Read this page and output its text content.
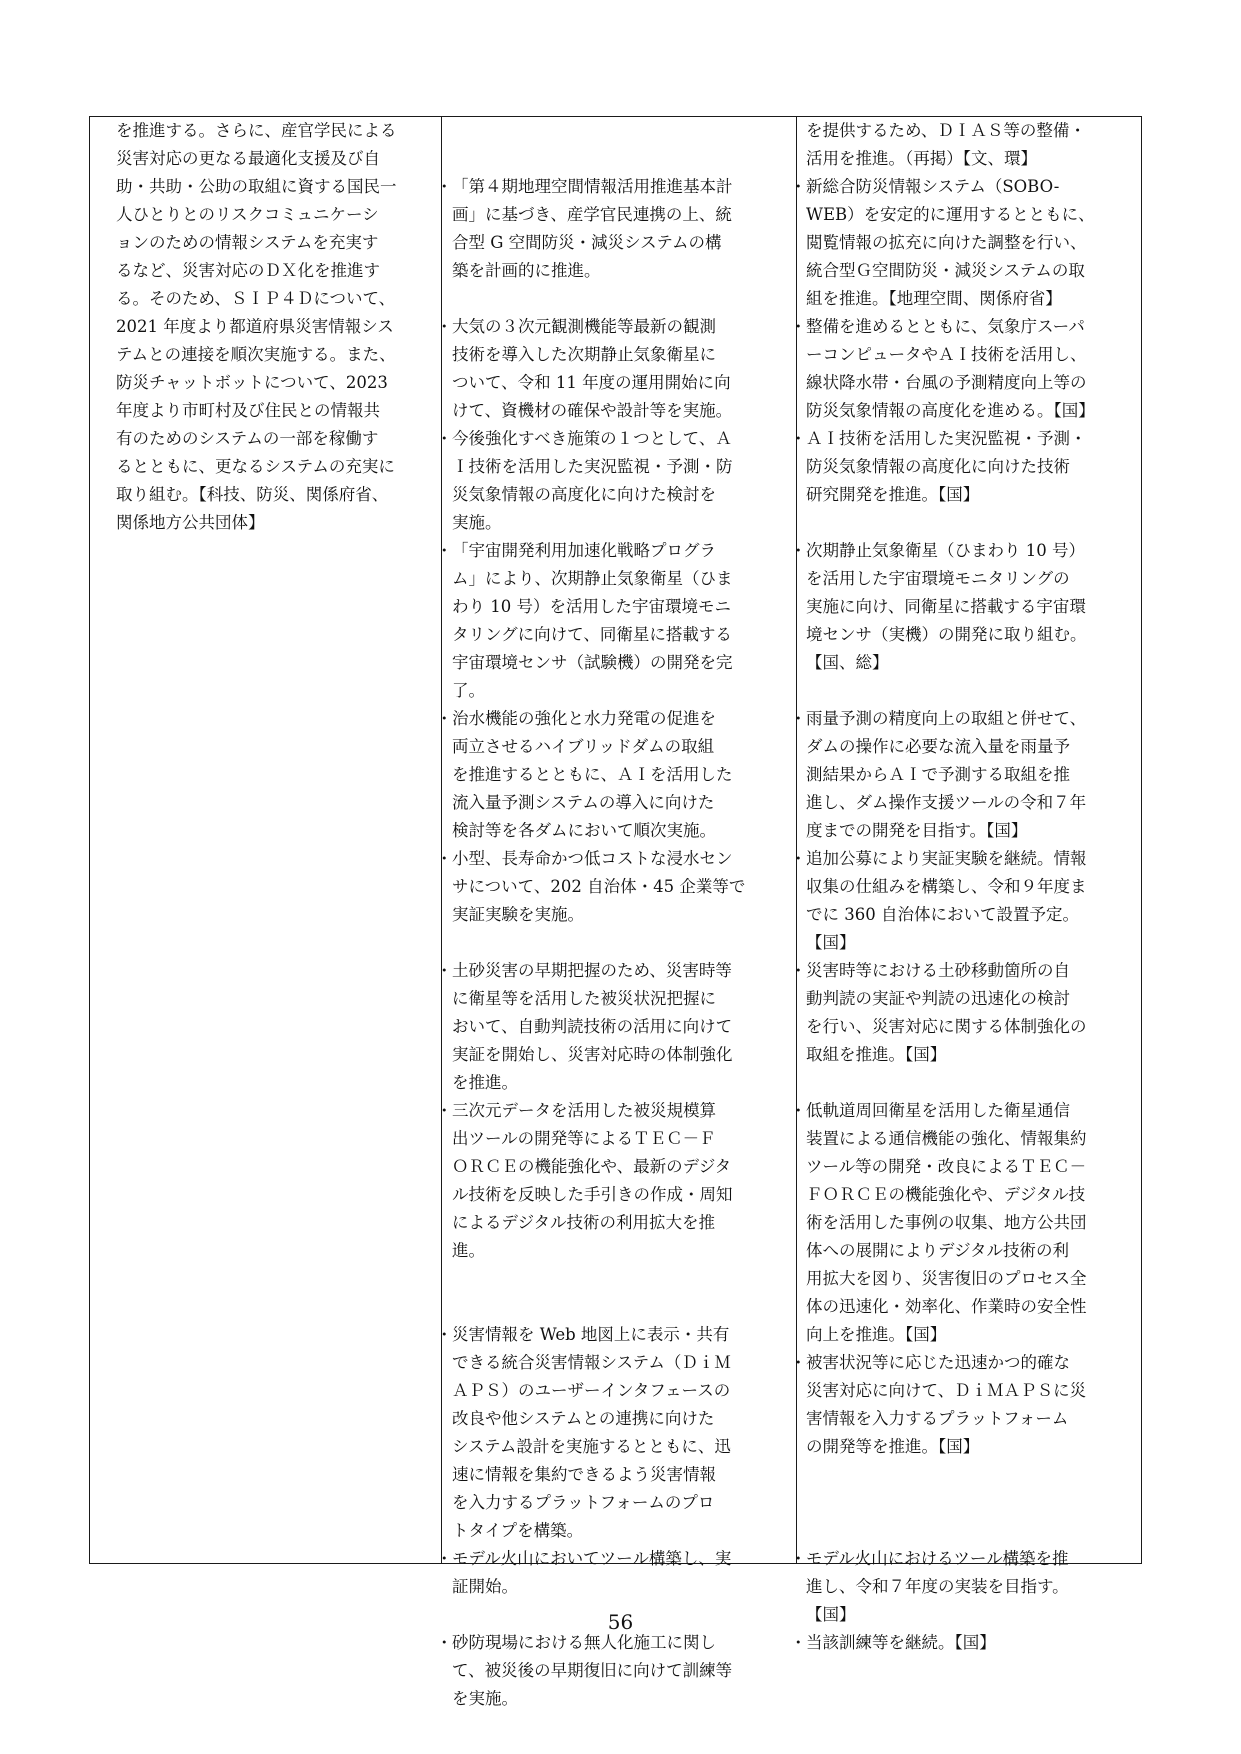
を推進する。さらに、産官学民による
災害対応の更なる最適化支援及び自
助・共助・公助の取組に資する国民一
人ひとりとのリスクコミュニケーシ
ョンのための情報システムを充実す
るなど、災害対応のＤＸ化を推進す
る。そのため、ＳＩＰ４Ｄについて、
2021 年度より都道府県災害情報シス
テムとの連接を順次実施する。また、
防災チャットボットについて、2023
年度より市町村及び住民との情報共
有のためのシステムの一部を稼働す
るとともに、更なるシステムの充実に
取り組む。【科技、防災、関係府省、
関係地方公共団体】
・ 「第４期地理空間情報活用推進基本計
画」に基づき、産学官民連携の上、統
合型 G 空間防災・減災システムの構
築を計画的に推進。
・ 大気の３次元観測機能等最新の観測
技術を導入した次期静止気象衛星に
ついて、令和 11 年度の運用開始に向
けて、資機材の確保や設計等を実施。
・ 今後強化すべき施策の１つとして、Ａ
Ｉ技術を活用した実況監視・予測・防
災気象情報の高度化に向けた検討を
実施。
・ 「宇宙開発利用加速化戦略プログラ
ム」により、次期静止気象衛星（ひま
わり 10 号）を活用した宇宙環境モニ
タリングに向けて、同衛星に搭載する
宇宙環境センサ（試験機）の開発を完
了。
・ 治水機能の強化と水力発電の促進を
両立させるハイブリッドダムの取組
を推進するとともに、ＡＩを活用した
流入量予測システムの導入に向けた
検討等を各ダムにおいて順次実施。
・ 小型、長寿命かつ低コストな浸水セン
サについて、202 自治体・45 企業等で
実証実験を実施。
・ 土砂災害の早期把握のため、災害時等
に衛星等を活用した被災状況把握に
おいて、自動判読技術の活用に向けて
実証を開始し、災害対応時の体制強化
を推進。
・ 三次元データを活用した被災規模算
出ツールの開発等によるＴＥＣ－Ｆ
ＯＲＣＥの機能強化や、最新のデジタ
ル技術を反映した手引きの作成・周知
によるデジタル技術の利用拡大を推
進。
・ 災害情報を Web 地図上に表示・共有
できる統合災害情報システム（ＤｉＭ
ＡＰＳ）のユーザーインタフェースの
改良や他システムとの連携に向けた
システム設計を実施するとともに、迅
速に情報を集約できるよう災害情報
を入力するプラットフォームのプロ
トタイプを構築。
・ モデル火山においてツール構築し、実
証開始。
・ 砂防現場における無人化施工に関し
て、被災後の早期復旧に向けて訓練等
を実施。
を提供するため、ＤＩＡＳ等の整備・
活用を推進。（再掲）【文、環】
・ 新総合防災情報システム（SOBO-
WEB）を安定的に運用するとともに、
閲覧情報の拡充に向けた調整を行い、
統合型Ｇ空間防災・減災システムの取
組を推進。【地理空間、関係府省】
・ 整備を進めるとともに、気象庁スーパ
ーコンピュータやＡＩ技術を活用し、
線状降水帯・台風の予測精度向上等の
防災気象情報の高度化を進める。【国】
・ ＡＩ技術を活用した実況監視・予測・
防災気象情報の高度化に向けた技術
研究開発を推進。【国】
・ 次期静止気象衛星（ひまわり 10 号）
を活用した宇宙環境モニタリングの
実施に向け、同衛星に搭載する宇宙環
境センサ（実機）の開発に取り組む。
【国、総】
・ 雨量予測の精度向上の取組と併せて、
ダムの操作に必要な流入量を雨量予
測結果からＡＩで予測する取組を推
進し、ダム操作支援ツールの令和７年
度までの開発を目指す。【国】
・ 追加公募により実証実験を継続。情報
収集の仕組みを構築し、令和９年度ま
でに 360 自治体において設置予定。
【国】
・ 災害時等における土砂移動箇所の自
動判読の実証や判読の迅速化の検討
を行い、災害対応に関する体制強化の
取組を推進。【国】
・ 低軌道周回衛星を活用した衛星通信
装置による通信機能の強化、情報集約
ツール等の開発・改良によるＴＥＣ－
ＦＯＲＣＥの機能強化や、デジタル技
術を活用した事例の収集、地方公共団
体への展開によりデジタル技術の利
用拡大を図り、災害復旧のプロセス全
体の迅速化・効率化、作業時の安全性
向上を推進。【国】
・ 被害状況等に応じた迅速かつ的確な
災害対応に向けて、ＤｉＭＡＰＳに災
害情報を入力するプラットフォーム
の開発等を推進。【国】
・ モデル火山におけるツール構築を推
進し、令和７年度の実装を目指す。
【国】
・ 当該訓練等を継続。【国】
56
